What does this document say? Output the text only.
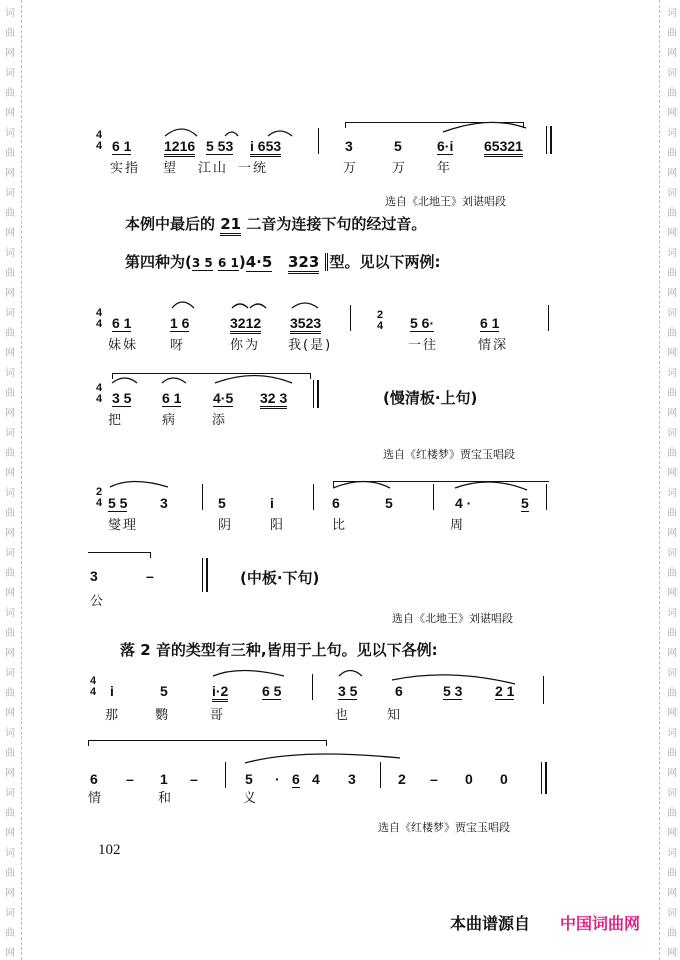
词
曲
网
词
曲
网
词
曲
网
词
曲
网
词
曲
网
词
曲
网
词
曲
网
词
曲
网
词
曲
网
词
曲
网
词
曲
网
词
曲
网
词
曲
网
词
曲
网
词
曲
网
词
曲
网
词
曲
网
词
曲
网
词
曲
网
词
曲
网
词
曲
网
词
曲
网
词
曲
网
词
曲
网
词
曲
网
词
曲
网
词
曲
网
词
曲
网
词
曲
网
词
曲
网
词
曲
网
词
曲
网
4
4 6 1 1216 5 53 i 653	3	5	6·i 65321
实指 望 江山 一统	万	万 年
选自《北地王》刘谌唱段
本例中最后的 21 二音为连接下句的经过音。
第四种为(3 5 6 1)4·5 323 型。见以下两例:
4
4 6 1	1 6	3212 3523	2
4 5 6·	6 1
妹妹 呀	你为 我(是)	一往	情深
4
4 3 5 6 1 4·5 32 3	(慢清板·上句)
把	病	添
选自《红楼梦》贾宝玉唱段
2
4 5 5 3	5	i	6	5	4 ·	5
燮理	阴	阳	比	周
3	–	(中板·下句)
公
选自《北地王》刘谌唱段
落 2 音的类型有三种,皆用于上句。见以下各例:
4
4 i	5	i·2 6 5	3 5	6	5 3 2 1
那	鹦	哥	也	知
6 – 1 –	5 · 6 4 3	2 – 0 0
情	和	义
选自《红楼梦》贾宝玉唱段
102
本曲谱源自 中国词曲网
